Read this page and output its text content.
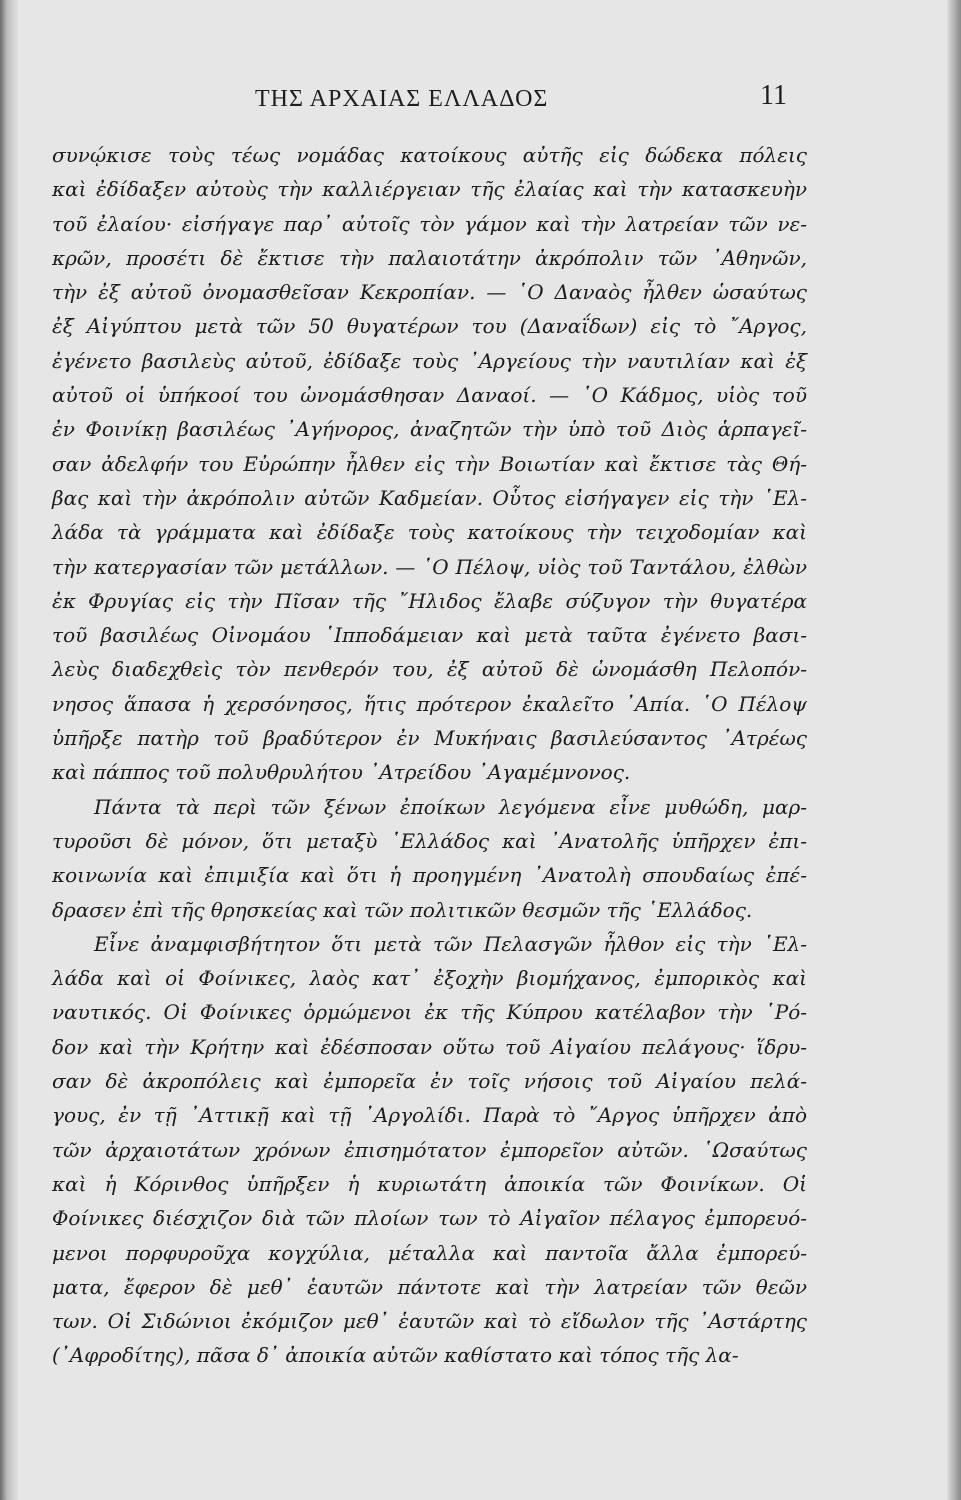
ΤΗΣ ΑΡΧΑΙΑΣ ΕΛΛΑΔΟΣ	11

συνῴκισε τοὺς τέως νομάδας κατοίκους αὐτῆς εἰς δώδεκα πόλεις
καὶ ἐδίδαξεν αὐτοὺς τὴν καλλιέργειαν τῆς ἐλαίας καὶ τὴν κατασκευὴν
τοῦ ἐλαίου· εἰσήγαγε παρ᾽ αὐτοῖς τὸν γάμον καὶ τὴν λατρείαν τῶν νε-
κρῶν, προσέτι δὲ ἔκτισε τὴν παλαιοτάτην ἀκρόπολιν τῶν ᾽Αθηνῶν,
τὴν ἐξ αὐτοῦ ὀνομασθεῖσαν Κεκροπίαν. — ῾Ο Δαναὸς ἦλθεν ὡσαύτως
ἐξ Αἰγύπτου μετὰ τῶν 50 θυγατέρων του (Δαναΐδων) εἰς τὸ ῎Αργος,
ἐγένετο βασιλεὺς αὐτοῦ, ἐδίδαξε τοὺς ᾽Αργείους τὴν ναυτιλίαν καὶ ἐξ
αὐτοῦ οἱ ὑπήκοοί του ὠνομάσθησαν Δαναοί. — ῾Ο Κάδμος, υἱὸς τοῦ
ἐν Φοινίκῃ βασιλέως ᾽Αγήνορος, ἀναζητῶν τὴν ὑπὸ τοῦ Διὸς ἁρπαγεῖ-
σαν ἀδελφήν του Εὐρώπην ἦλθεν εἰς τὴν Βοιωτίαν καὶ ἔκτισε τὰς Θή-
βας καὶ τὴν ἀκρόπολιν αὐτῶν Καδμείαν. Οὗτος εἰσήγαγεν εἰς τὴν ῾Ελ-
λάδα τὰ γράμματα καὶ ἐδίδαξε τοὺς κατοίκους τὴν τειχοδομίαν καὶ
τὴν κατεργασίαν τῶν μετάλλων. — ῾Ο Πέλοψ, υἱὸς τοῦ Ταντάλου, ἐλθὼν
ἐκ Φρυγίας εἰς τὴν Πῖσαν τῆς ῎Ηλιδος ἔλαβε σύζυγον τὴν θυγατέρα
τοῦ βασιλέως Οἰνομάου ῾Ιπποδάμειαν καὶ μετὰ ταῦτα ἐγένετο βασι-
λεὺς διαδεχθεὶς τὸν πενθερόν του, ἐξ αὐτοῦ δὲ ὠνομάσθη Πελοπόν-
νησος ἅπασα ἡ χερσόνησος, ἥτις πρότερον ἐκαλεῖτο ᾽Απία. ῾Ο Πέλοψ
ὑπῆρξε πατὴρ τοῦ βραδύτερον ἐν Μυκήναις βασιλεύσαντος ᾽Ατρέως
καὶ πάππος τοῦ πολυθρυλήτου ᾽Ατρείδου ᾽Αγαμέμνονος.

Πάντα τὰ περὶ τῶν ξένων ἐποίκων λεγόμενα εἶνε μυθώδη, μαρ-
τυροῦσι δὲ μόνον, ὅτι μεταξὺ ῾Ελλάδος καὶ ᾽Ανατολῆς ὑπῆρχεν ἐπι-
κοινωνία καὶ ἐπιμιξία καὶ ὅτι ἡ προηγμένη ᾽Ανατολὴ σπουδαίως ἐπέ-
δρασεν ἐπὶ τῆς θρησκείας καὶ τῶν πολιτικῶν θεσμῶν τῆς ῾Ελλάδος.

Εἶνε ἀναμφισβήτητον ὅτι μετὰ τῶν Πελασγῶν ἦλθον εἰς τὴν ῾Ελ-
λάδα καὶ οἱ Φοίνικες, λαὸς κατ᾽ ἐξοχὴν βιομήχανος, ἐμπορικὸς καὶ
ναυτικός. Οἱ Φοίνικες ὁρμώμενοι ἐκ τῆς Κύπρου κατέλαβον τὴν ῾Ρό-
δον καὶ τὴν Κρήτην καὶ ἐδέσποσαν οὕτω τοῦ Αἰγαίου πελάγους· ἵδρυ-
σαν δὲ ἀκροπόλεις καὶ ἐμπορεῖα ἐν τοῖς νήσοις τοῦ Αἰγαίου πελά-
γους, ἐν τῇ ᾽Αττικῇ καὶ τῇ ᾽Αργολίδι. Παρὰ τὸ ῎Αργος ὑπῆρχεν ἀπὸ
τῶν ἀρχαιοτάτων χρόνων ἐπισημότατον ἐμπορεῖον αὐτῶν. ῾Ωσαύτως
καὶ ἡ Κόρινθος ὑπῆρξεν ἡ κυριωτάτη ἀποικία τῶν Φοινίκων. Οἱ
Φοίνικες διέσχιζον διὰ τῶν πλοίων των τὸ Αἰγαῖον πέλαγος ἐμπορευό-
μενοι πορφυροῦχα κογχύλια, μέταλλα καὶ παντοῖα ἄλλα ἐμπορεύ-
ματα, ἔφερον δὲ μεθ᾽ ἑαυτῶν πάντοτε καὶ τὴν λατρείαν τῶν θεῶν
των. Οἱ Σιδώνιοι ἐκόμιζον μεθ᾽ ἑαυτῶν καὶ τὸ εἴδωλον τῆς ᾽Αστάρτης
(᾽Αφροδίτης), πᾶσα δ᾽ ἀποικία αὐτῶν καθίστατο καὶ τόπος τῆς λα-
